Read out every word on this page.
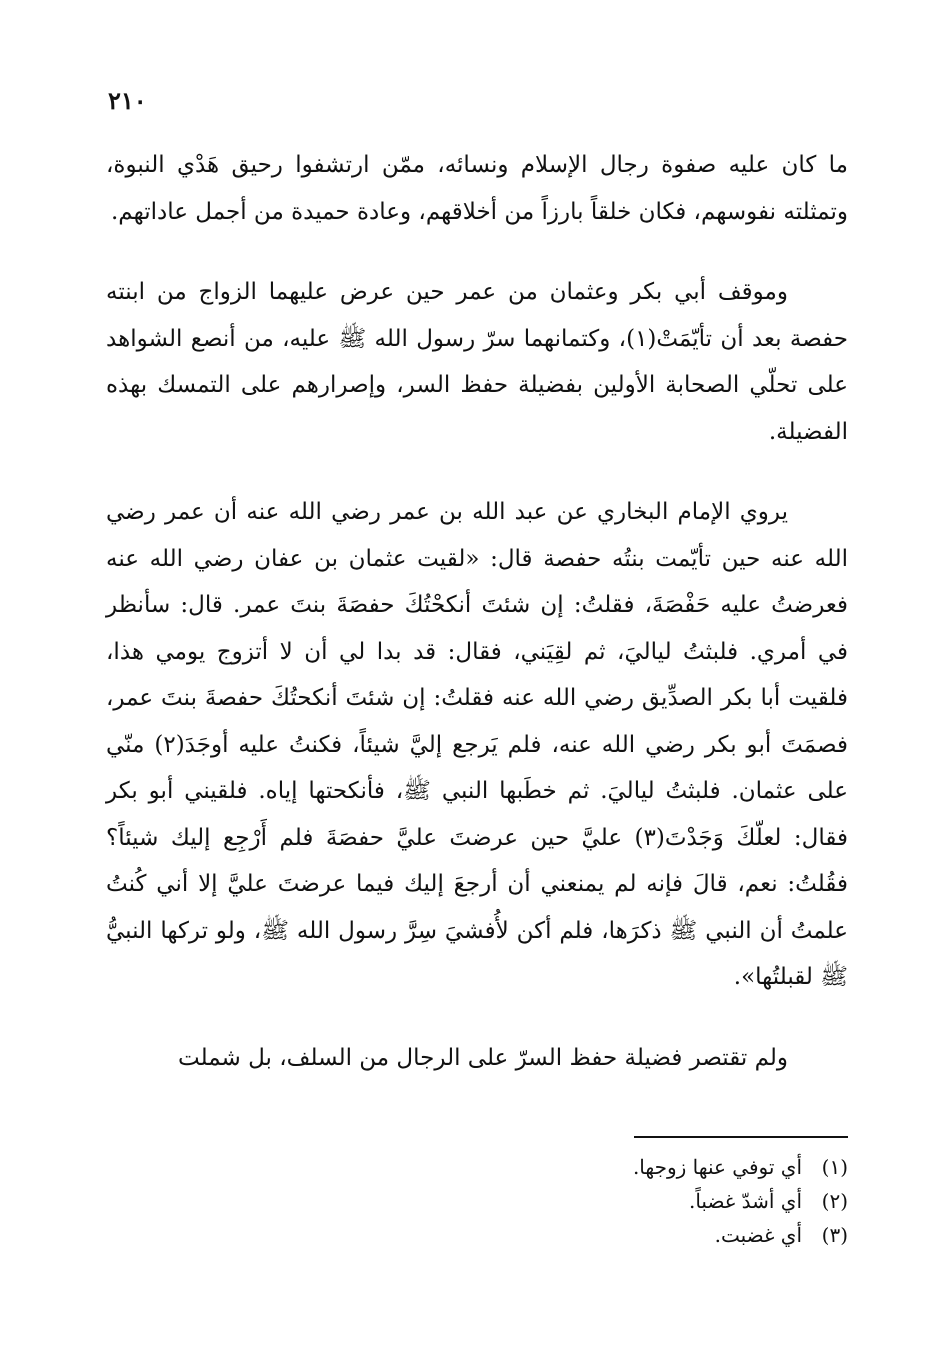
٢١٠

ما كان عليه صفوة رجال الإسلام ونسائه، ممّن ارتشفوا رحيق هَدْي النبوة، وتمثلته نفوسهم، فكان خلقاً بارزاً من أخلاقهم، وعادة حميدة من أجمل عاداتهم.

وموقف أبي بكر وعثمان من عمر حين عرض عليهما الزواج من ابنته حفصة بعد أن تأيّمَتْ(١)، وكتمانهما سرّ رسول الله ﷺ عليه، من أنصع الشواهد على تحلّي الصحابة الأولين بفضيلة حفظ السر، وإصرارهم على التمسك بهذه الفضيلة.

يروي الإمام البخاري عن عبد الله بن عمر رضي الله عنه أن عمر رضي الله عنه حين تأيّمت بنتُه حفصة قال: «لقيت عثمان بن عفان رضي الله عنه فعرضتُ عليه حَفْصَةَ، فقلتُ: إن شئتَ أنكحْتُكَ حفصَةَ بنتَ عمر. قال: سأنظر في أمري. فلبثتُ لياليَ، ثم لقِيَني، فقال: قد بدا لي أن لا أتزوج يومي هذا، فلقيت أبا بكر الصدِّيق رضي الله عنه فقلتُ: إن شئتَ أنكحتُكَ حفصةَ بنتَ عمر، فصمَتَ أبو بكر رضي الله عنه، فلم يَرجع إليَّ شيئاً، فكنتُ عليه أوجَدَ(٢) منّي على عثمان. فلبثتُ لياليَ. ثم خطَبها النبي ﷺ، فأنكحتها إياه. فلقيني أبو بكر فقال: لعلّكَ وَجَدْتَ(٣) عليَّ حين عرضتَ عليَّ حفصَةَ فلم أَرْجِع إليك شيئاً؟ فقُلتُ: نعم، قالَ فإنه لم يمنعني أن أرجعَ إليك فيما عرضتَ عليَّ إلا أني كُنتُ علمتُ أن النبي ﷺ ذكرَها، فلم أكن لأُفشيَ سِرَّ رسول الله ﷺ، ولو تركها النبيُّ ﷺ لقبلتُها».

ولم تقتصر فضيلة حفظ السرّ على الرجال من السلف، بل شملت

(١)
أي توفي عنها زوجها.
(٢)
أي أشدّ غضباً.
(٣)
أي غضبت.
